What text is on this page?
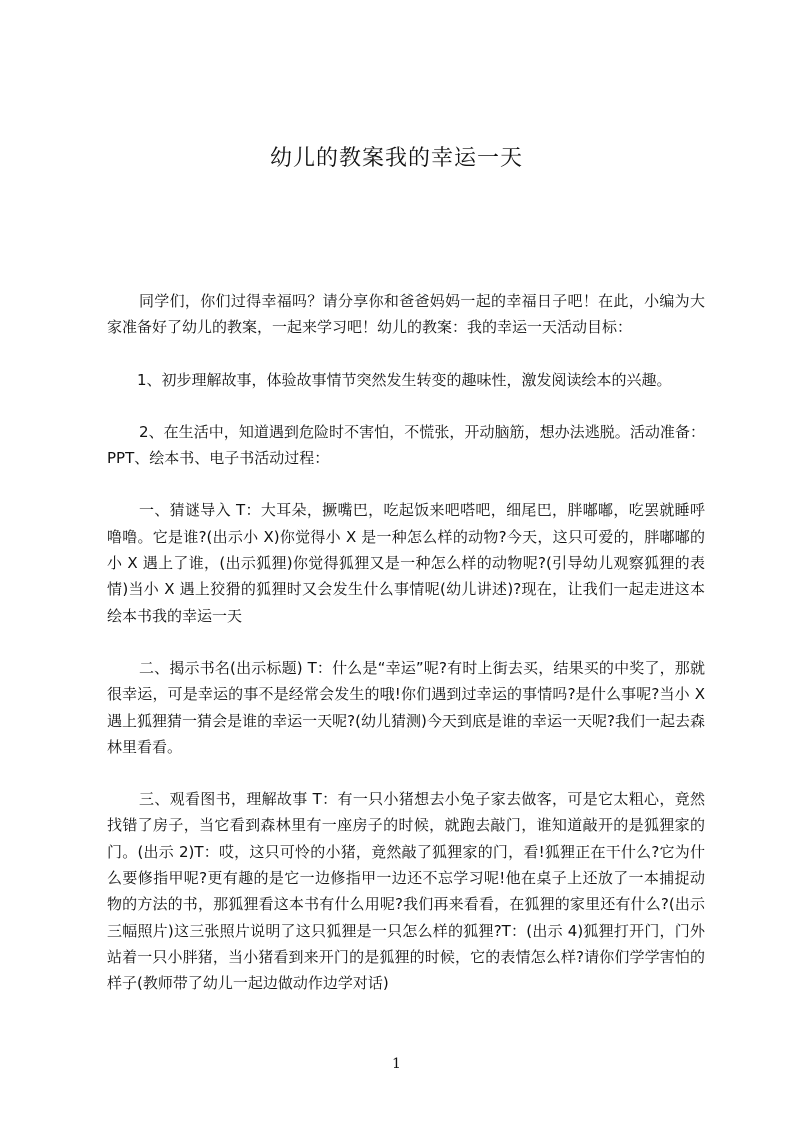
幼儿的教案我的幸运一天

同学们，你们过得幸福吗？请分享你和爸爸妈妈一起的幸福日子吧！在此，小编为大家准备好了幼儿的教案，一起来学习吧！幼儿的教案：我的幸运一天活动目标：

1、初步理解故事，体验故事情节突然发生转变的趣味性，激发阅读绘本的兴趣。

2、在生活中，知道遇到危险时不害怕，不慌张，开动脑筋，想办法逃脱。活动准备：PPT、绘本书、电子书活动过程：

一、猜谜导入 T：大耳朵，撅嘴巴，吃起饭来吧嗒吧，细尾巴，胖嘟嘟，吃罢就睡呼噜噜。它是谁?(出示小 X)你觉得小 X 是一种怎么样的动物?今天，这只可爱的，胖嘟嘟的小 X 遇上了谁，(出示狐狸)你觉得狐狸又是一种怎么样的动物呢?(引导幼儿观察狐狸的表情)当小 X 遇上狡猾的狐狸时又会发生什么事情呢(幼儿讲述)?现在，让我们一起走进这本绘本书我的幸运一天

二、揭示书名(出示标题) T：什么是“幸运”呢?有时上街去买，结果买的中奖了，那就很幸运，可是幸运的事不是经常会发生的哦!你们遇到过幸运的事情吗?是什么事呢?当小 X 遇上狐狸猜一猜会是谁的幸运一天呢?(幼儿猜测)今天到底是谁的幸运一天呢?我们一起去森林里看看。

三、观看图书，理解故事 T：有一只小猪想去小兔子家去做客，可是它太粗心，竟然找错了房子，当它看到森林里有一座房子的时候，就跑去敲门，谁知道敲开的是狐狸家的门。(出示 2)T：哎，这只可怜的小猪，竟然敲了狐狸家的门，看!狐狸正在干什么?它为什么要修指甲呢?更有趣的是它一边修指甲一边还不忘学习呢!他在桌子上还放了一本捕捉动物的方法的书，那狐狸看这本书有什么用呢?我们再来看看，在狐狸的家里还有什么?(出示三幅照片)这三张照片说明了这只狐狸是一只怎么样的狐狸?T：(出示 4)狐狸打开门，门外站着一只小胖猪，当小猪看到来开门的是狐狸的时候，它的表情怎么样?请你们学学害怕的样子(教师带了幼儿一起边做动作边学对话)

1
